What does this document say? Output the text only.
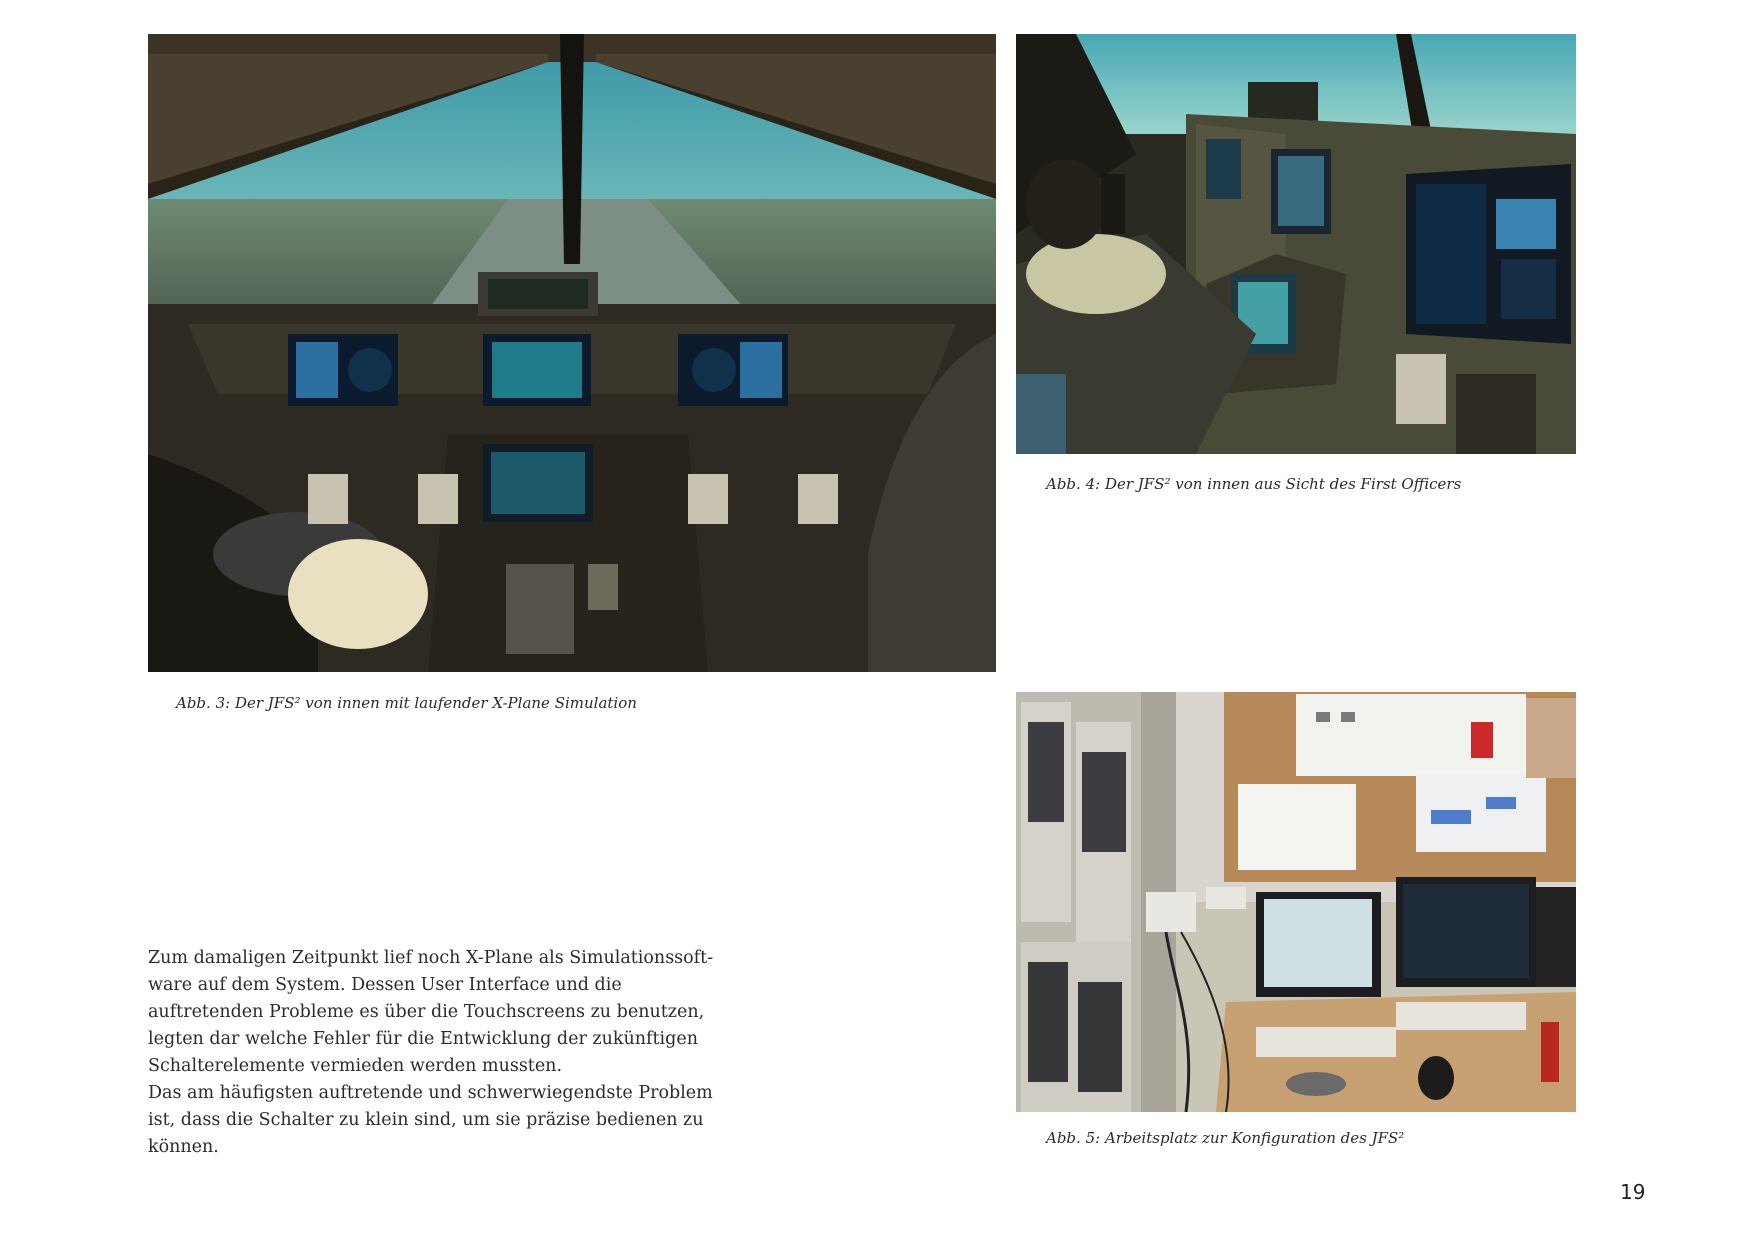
Abb. 3: Der JFS² von innen mit laufender X-Plane Simulation
Abb. 4: Der JFS² von innen aus Sicht des First Officers
Abb. 5: Arbeitsplatz zur Konfiguration des JFS²

Zum damaligen Zeitpunkt lief noch X-Plane als Simulationssoftware auf dem System. Dessen User Interface und die auftretenden Probleme es über die Touchscreens zu benutzen, legten dar welche Fehler für die Entwicklung der zukünftigen Schalterelemente vermieden werden mussten.

Das am häufigsten auftretende und schwerwiegendste Problem ist, dass die Schalter zu klein sind, um sie präzise bedienen zu können.

19
